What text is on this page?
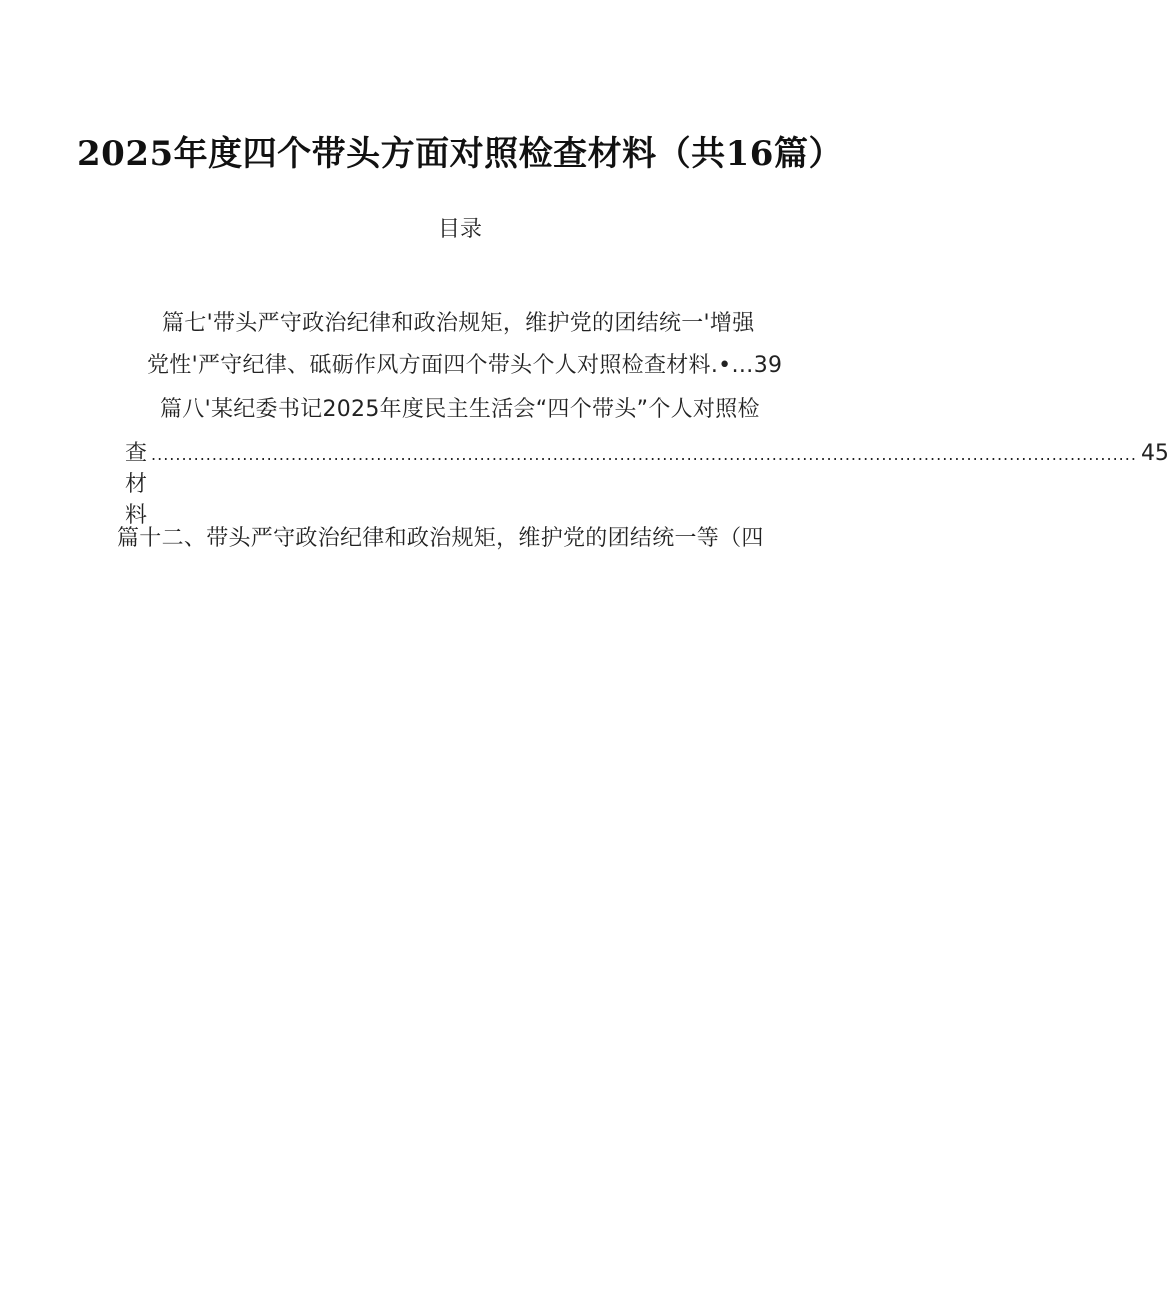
2025年度四个带头方面对照检查材料（共16篇）
目录
篇七'带头严守政治纪律和政治规矩，维护党的团结统一'增强
党性'严守纪律、砥砺作风方面四个带头个人对照检查材料.•…39
篇八'某纪委书记2025年度民主生活会“四个带头”个人对照检
查材料
.................................................................................................................................................................. 45
篇十二、带头严守政治纪律和政治规矩，维护党的团结统一等（四
